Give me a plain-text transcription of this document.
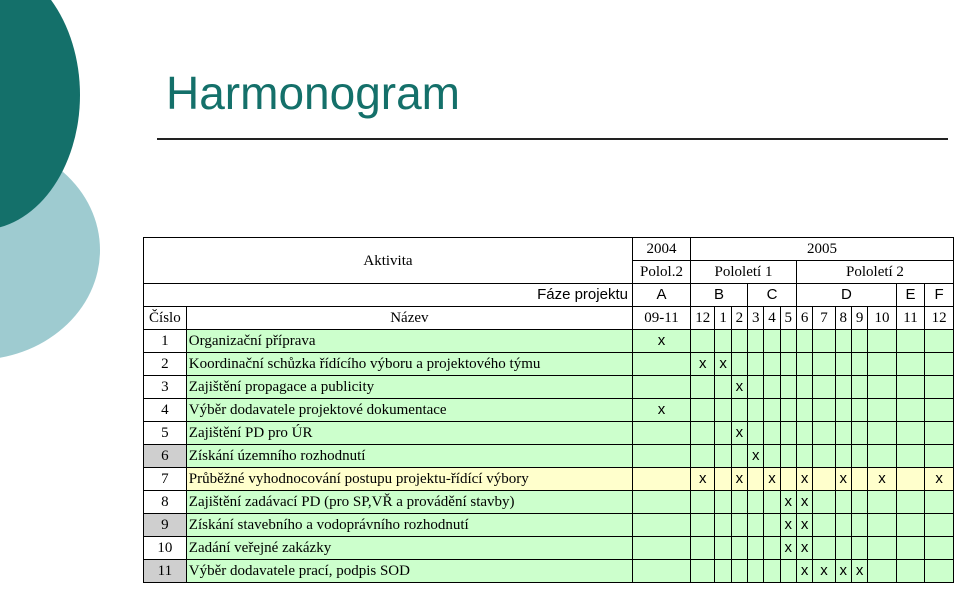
Harmonogram
Aktivita		2004	2005												
		Polol.2	Pololetí 1						Pololetí 2						
Fáze projektu		A	B			C			D					E	F
Číslo	Název	09-11	12	1	2	3	4	5	6	7	8	9	10	11	12
1	Organizační příprava	x													
2	Koordinační schůzka řídícího výboru a projektového týmu		x	x											
3	Zajištění propagace a publicity				x										
4	Výběr dodavatele projektové dokumentace	x													
5	Zajištění PD pro ÚR				x										
6	Získání územního rozhodnutí					x									
7	Průběžné vyhodnocování postupu projektu-řídící výbory		x		x		x		x		x		x		x
8	Zajištění zadávací PD (pro SP,VŘ a provádění stavby)							x	x						
9	Získání stavebního a vodoprávního rozhodnutí							x	x						
10	Zadání veřejné zakázky							x	x						
11	Výběr dodavatele prací, podpis SOD								x	x	x	x			
